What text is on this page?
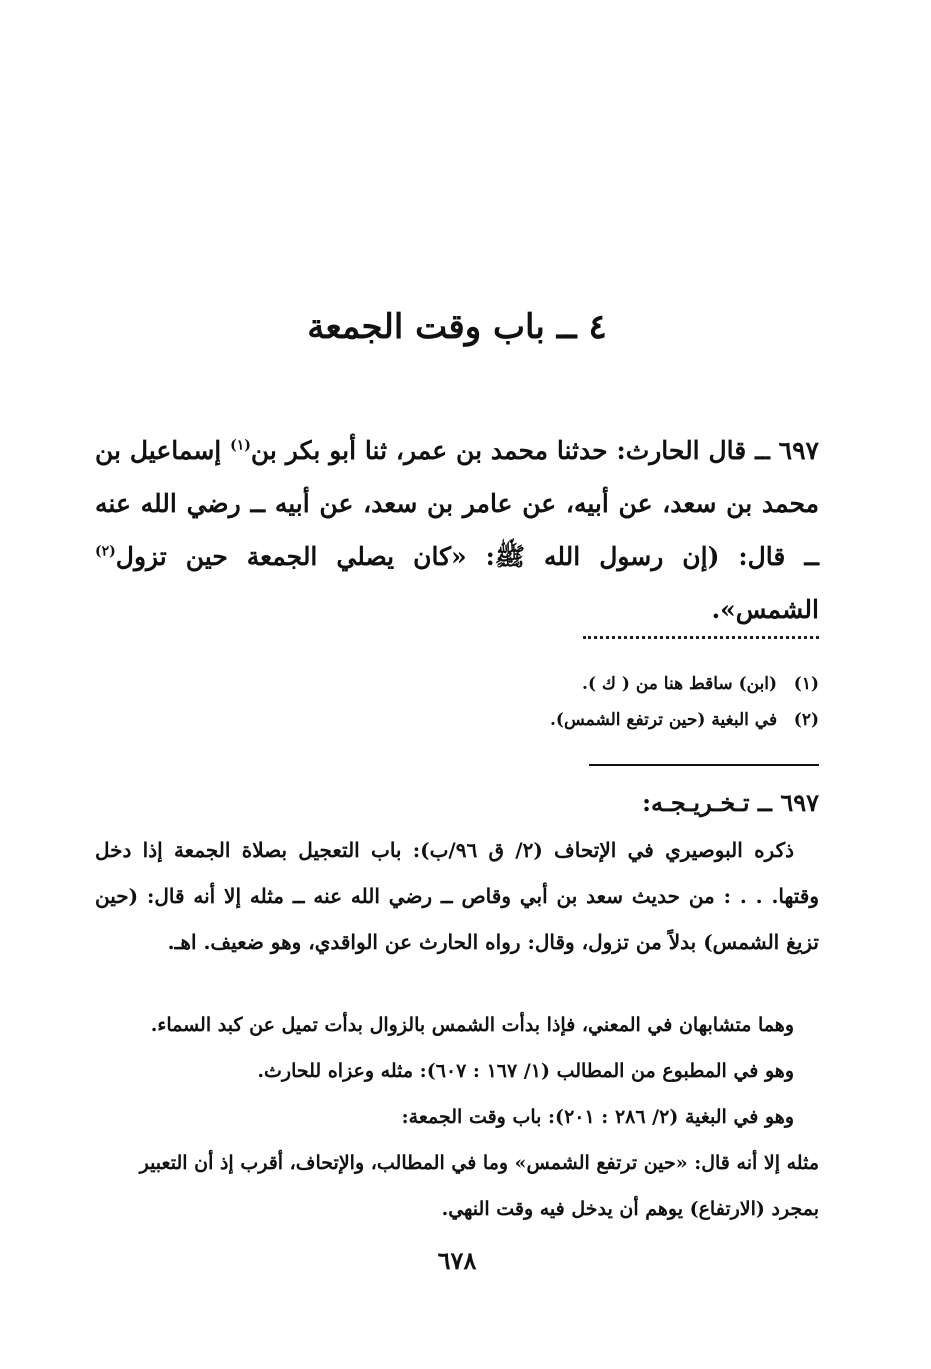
٤ ــ باب وقت الجمعة
٦٩٧ ــ قال الحارث: حدثنا محمد بن عمر، ثنا أبو بكر بن$^{(١)}$ إسماعيل بن محمد بن سعد، عن أبيه، عن عامر بن سعد، عن أبيه ــ رضي الله عنه ــ قال: (إن رسول الله ﷺ: «كان يصلي الجمعة حين تزول$^{(٢)}$ الشمس».
(١) (ابن) ساقط هنا من ( ك ).
(٢) في البغية (حين ترتفع الشمس).
٦٩٧ ــ تـخـريـجـه:
ذكره البوصيري في الإتحاف (٢/ ق ٩٦/ب): باب التعجيل بصلاة الجمعة إذا دخل وقتها. . . : من حديث سعد بن أبي وقاص ــ رضي الله عنه ــ مثله إلا أنه قال: (حين تزيغ الشمس) بدلاً من تزول، وقال: رواه الحارث عن الواقدي، وهو ضعيف. اهـ.
وهما متشابهان في المعني، فإذا بدأت الشمس بالزوال بدأت تميل عن كبد السماء.
وهو في المطبوع من المطالب (١/ ١٦٧ : ٦٠٧): مثله وعزاه للحارث.
وهو في البغية (٢/ ٢٨٦ : ٢٠١): باب وقت الجمعة:
مثله إلا أنه قال: «حين ترتفع الشمس» وما في المطالب، والإتحاف، أقرب إذ أن التعبير بمجرد (الارتفاع) يوهم أن يدخل فيه وقت النهي.
٦٧٨
